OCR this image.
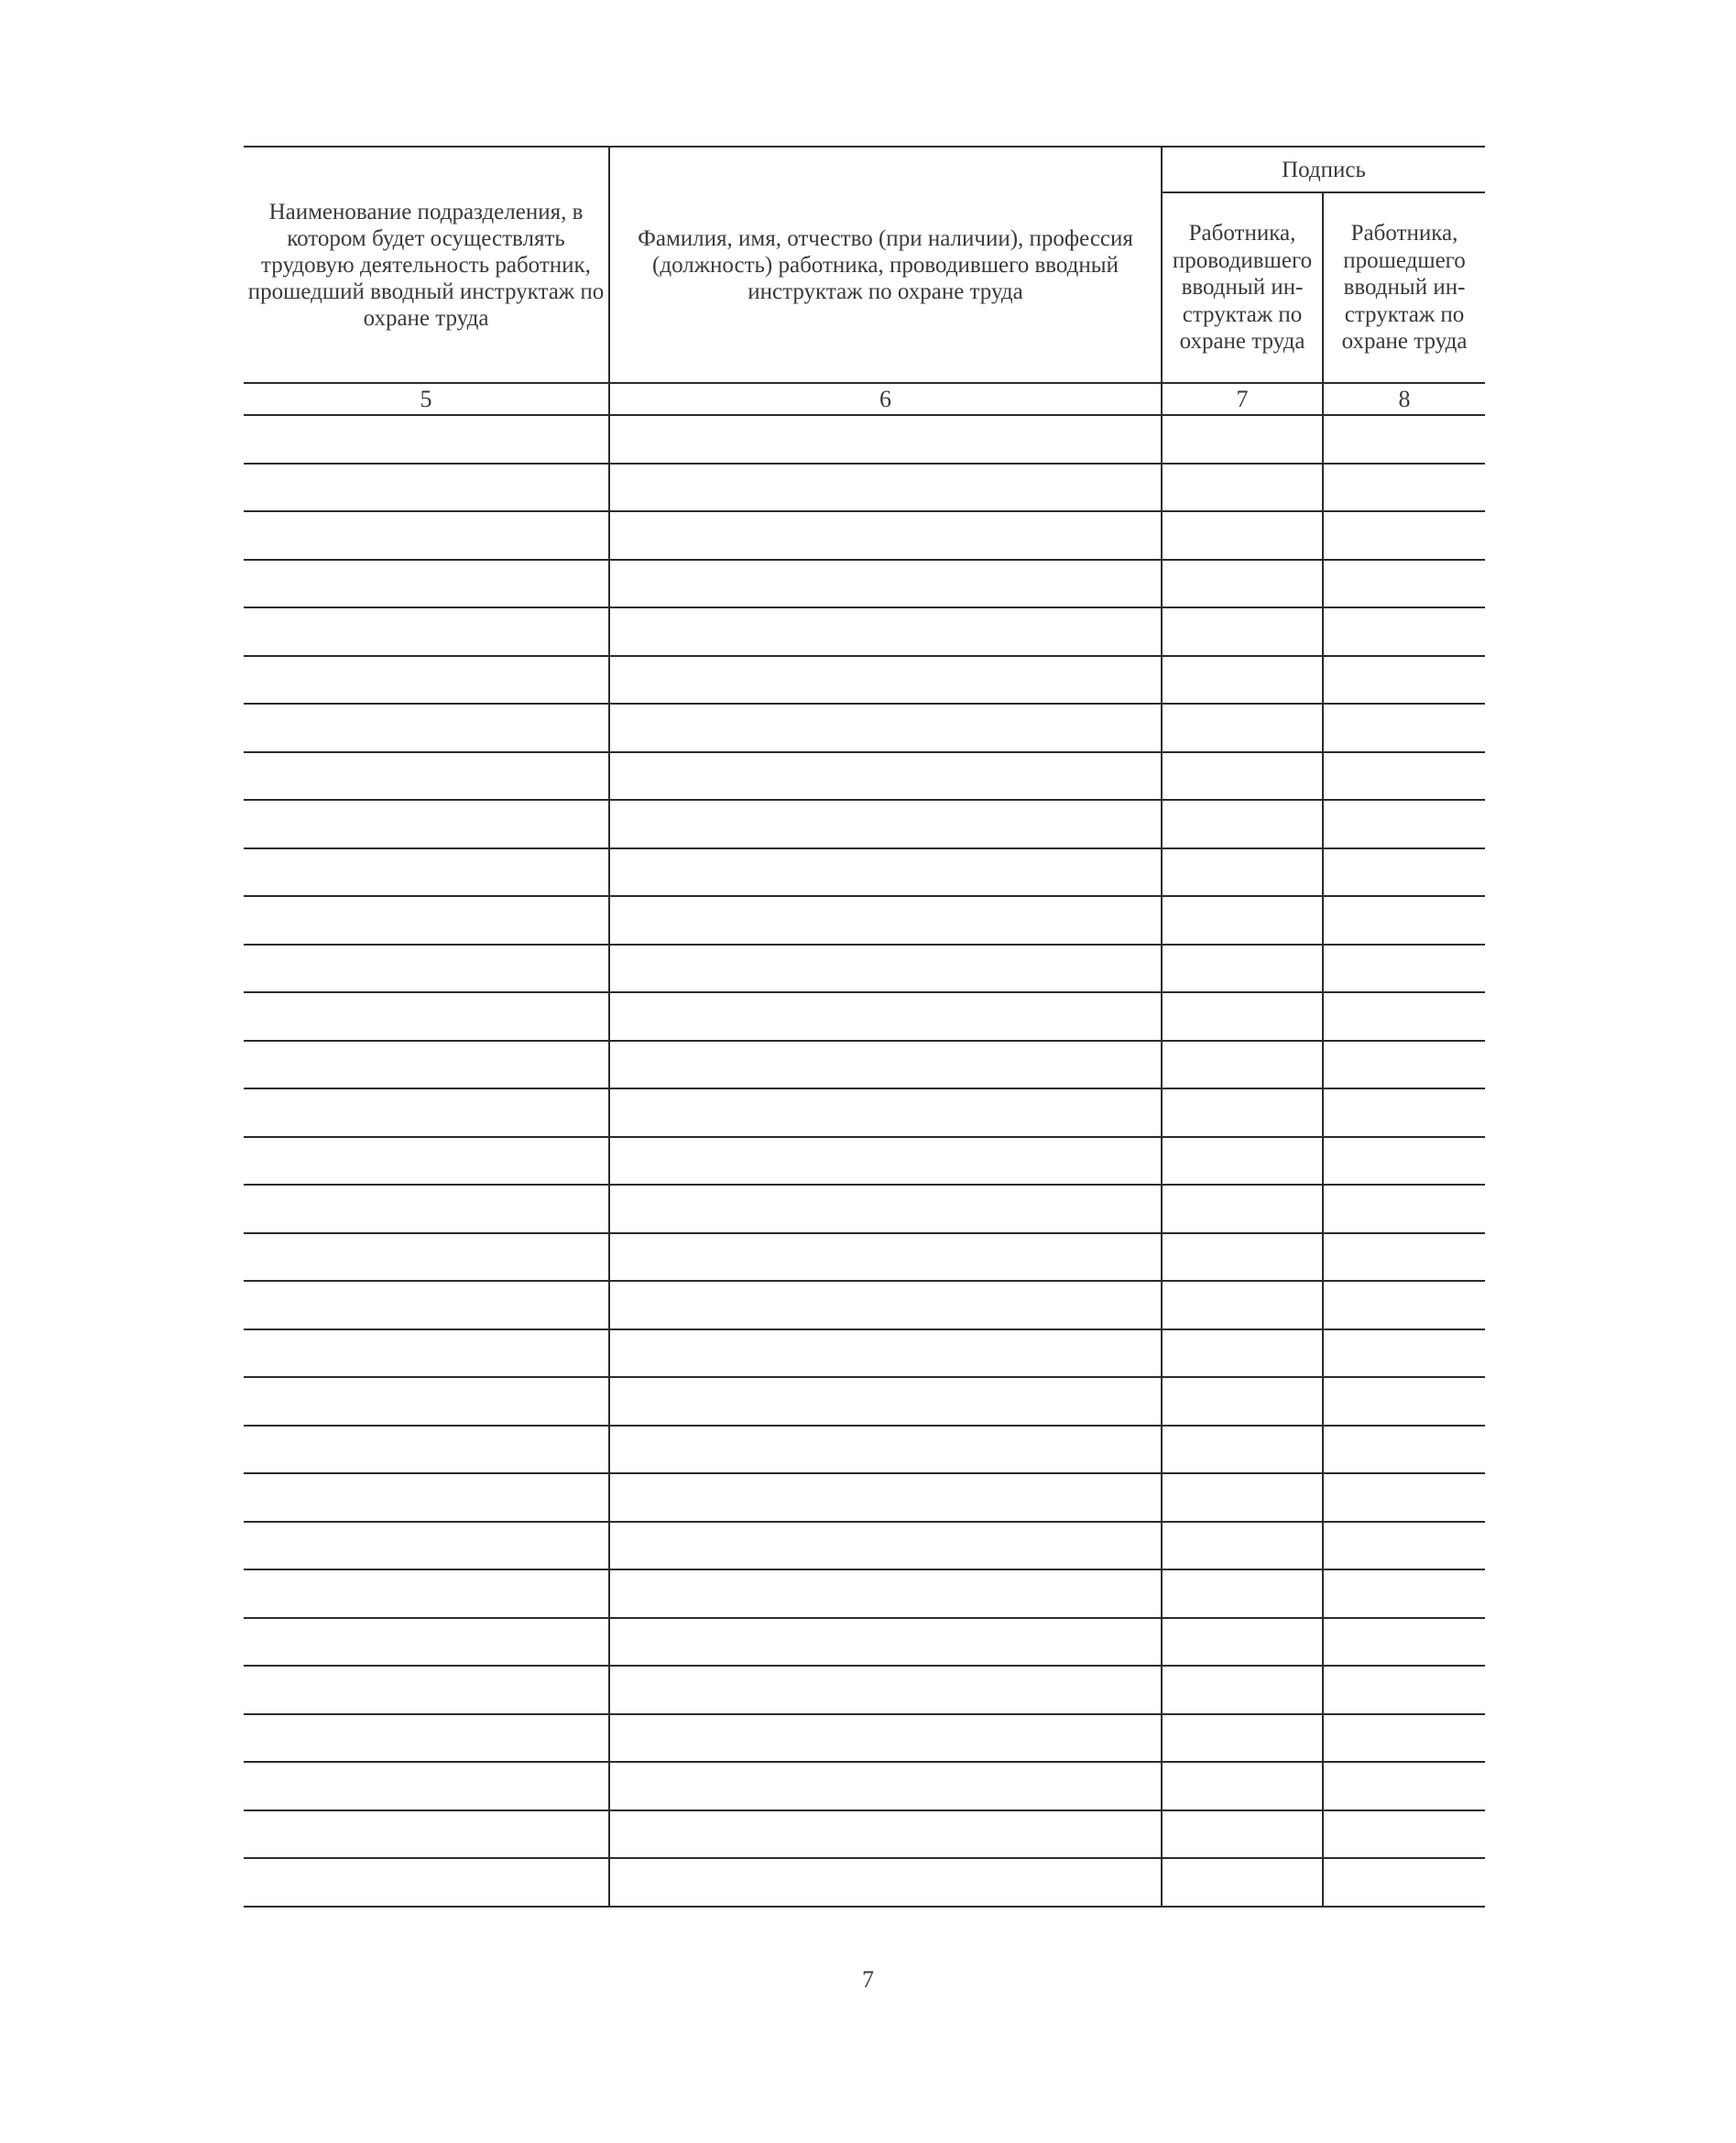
Наименование подразделения, в котором будет осуществлять трудовую деятельность работник, прошедший вводный инструктаж по охране труда	Фамилия, имя, отчество (при наличии), профессия (должность) работника, проводившего вводный инструктаж по охране труда	Подпись	

		Работника, проводившего вводный инструктаж по охране труда	Работника, прошедшего вводный инструктаж по охране труда

5	6	7	8

7
